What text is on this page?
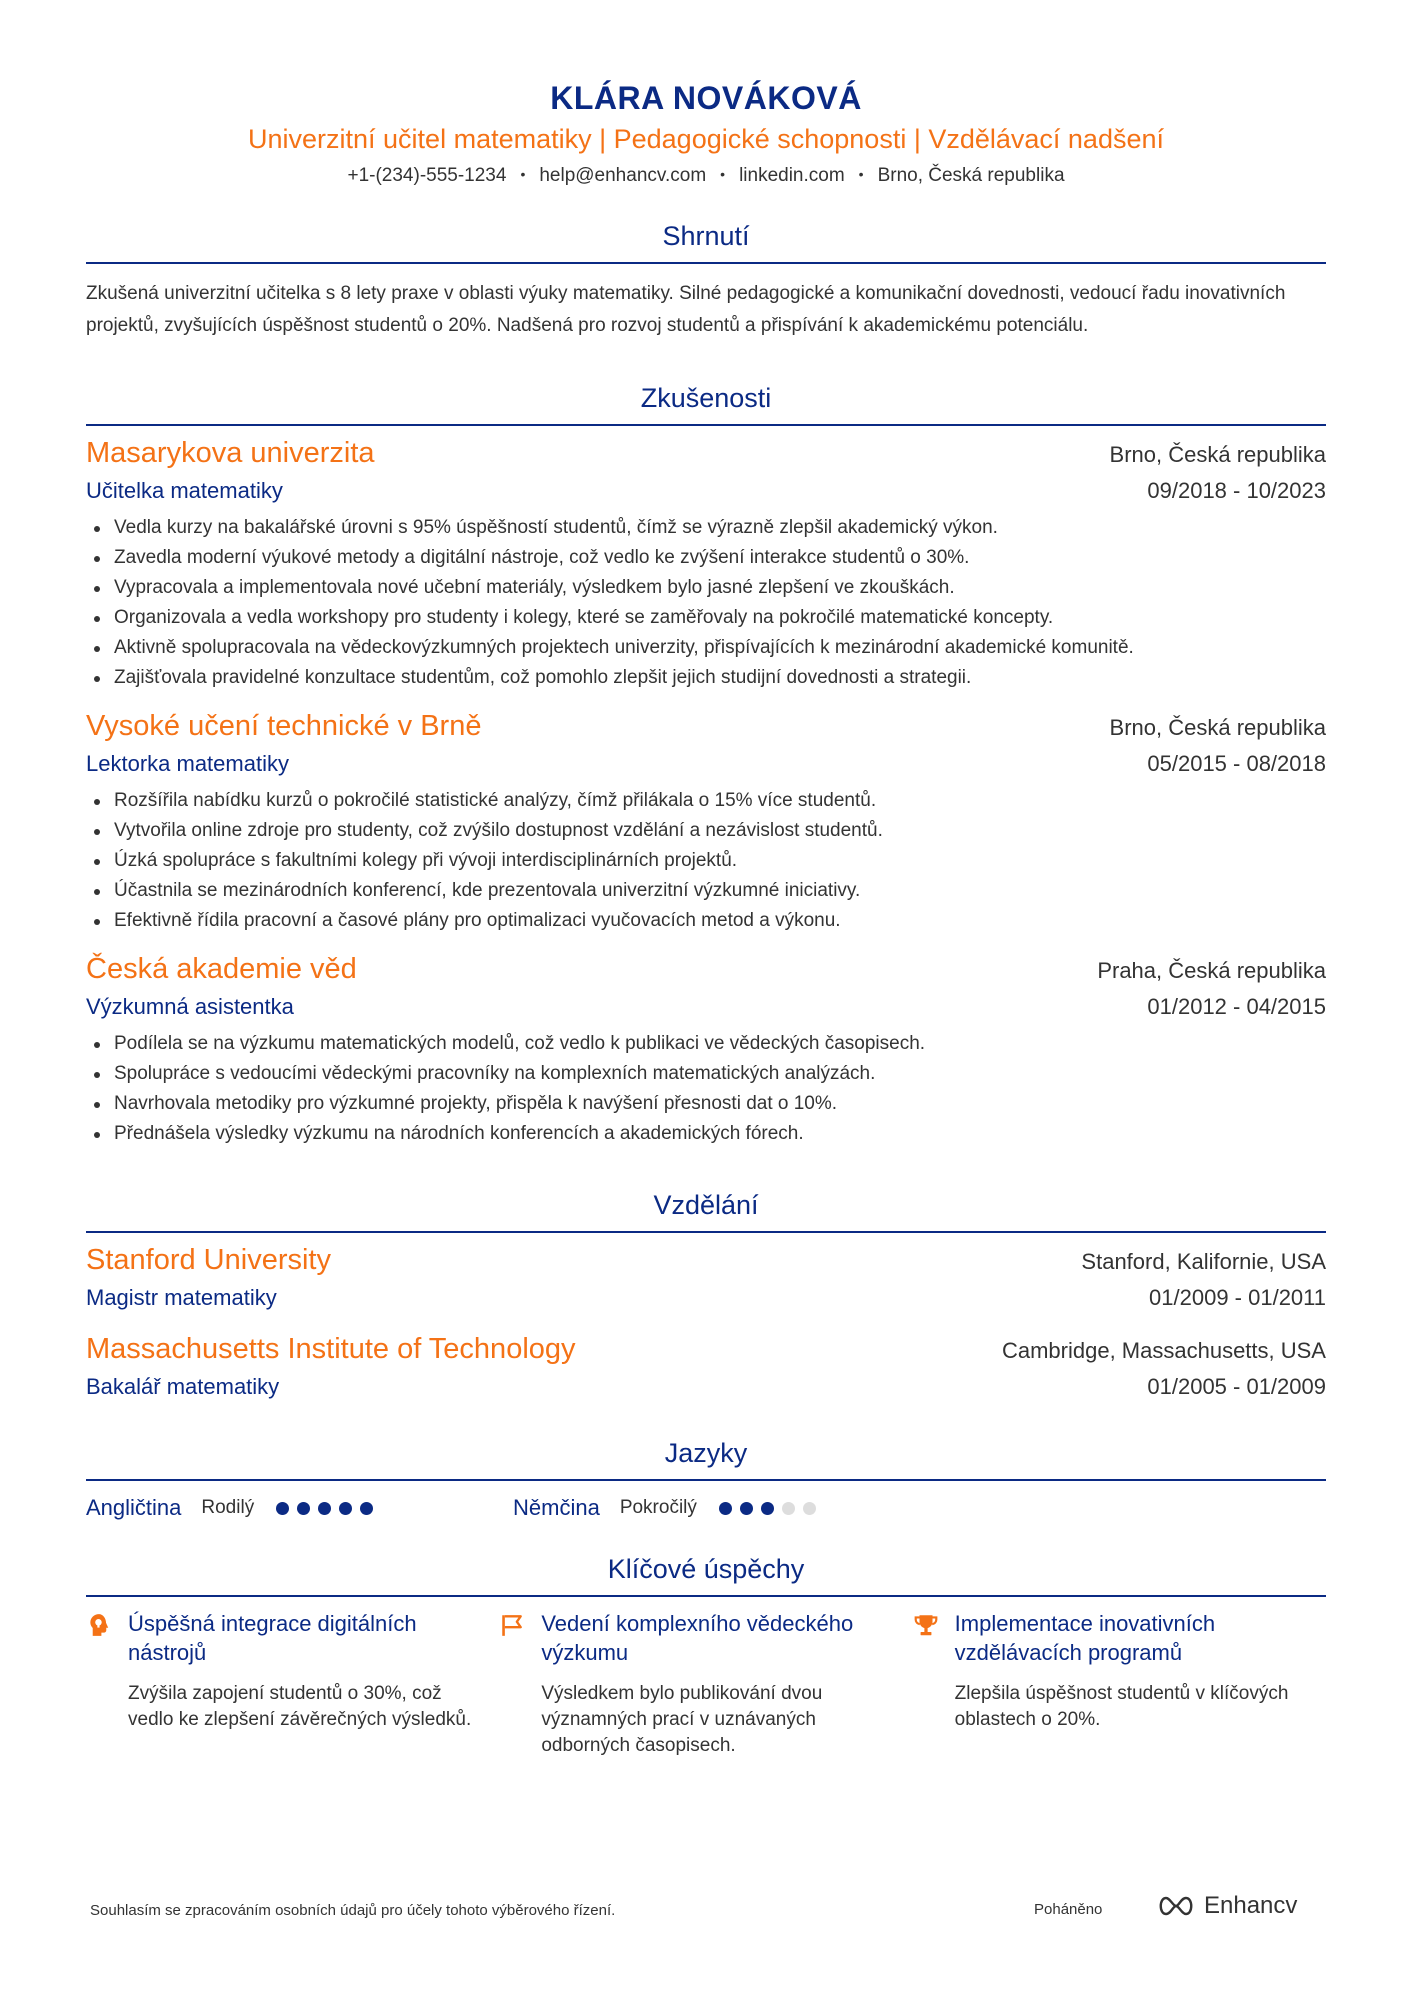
KLÁRA NOVÁKOVÁ
Univerzitní učitel matematiky | Pedagogické schopnosti | Vzdělávací nadšení
+1-(234)-555-1234 • help@enhancv.com • linkedin.com • Brno, Česká republika
Shrnutí
Zkušená univerzitní učitelka s 8 lety praxe v oblasti výuky matematiky. Silné pedagogické a komunikační dovednosti, vedoucí řadu inovativních projektů, zvyšujících úspěšnost studentů o 20%. Nadšená pro rozvoj studentů a přispívání k akademickému potenciálu.
Zkušenosti
Masarykova univerzita	Brno, Česká republika
Učitelka matematiky	09/2018 - 10/2023
Vedla kurzy na bakalářské úrovni s 95% úspěšností studentů, čímž se výrazně zlepšil akademický výkon.
Zavedla moderní výukové metody a digitální nástroje, což vedlo ke zvýšení interakce studentů o 30%.
Vypracovala a implementovala nové učební materiály, výsledkem bylo jasné zlepšení ve zkouškách.
Organizovala a vedla workshopy pro studenty i kolegy, které se zaměřovaly na pokročilé matematické koncepty.
Aktivně spolupracovala na vědeckovýzkumných projektech univerzity, přispívajících k mezinárodní akademické komunitě.
Zajišťovala pravidelné konzultace studentům, což pomohlo zlepšit jejich studijní dovednosti a strategii.
Vysoké učení technické v Brně	Brno, Česká republika
Lektorka matematiky	05/2015 - 08/2018
Rozšířila nabídku kurzů o pokročilé statistické analýzy, čímž přilákala o 15% více studentů.
Vytvořila online zdroje pro studenty, což zvýšilo dostupnost vzdělání a nezávislost studentů.
Úzká spolupráce s fakultními kolegy při vývoji interdisciplinárních projektů.
Účastnila se mezinárodních konferencí, kde prezentovala univerzitní výzkumné iniciativy.
Efektivně řídila pracovní a časové plány pro optimalizaci vyučovacích metod a výkonu.
Česká akademie věd	Praha, Česká republika
Výzkumná asistentka	01/2012 - 04/2015
Podílela se na výzkumu matematických modelů, což vedlo k publikaci ve vědeckých časopisech.
Spolupráce s vedoucími vědeckými pracovníky na komplexních matematických analýzách.
Navrhovala metodiky pro výzkumné projekty, přispěla k navýšení přesnosti dat o 10%.
Přednášela výsledky výzkumu na národních konferencích a akademických fórech.
Vzdělání
Stanford University	Stanford, Kalifornie, USA
Magistr matematiky	01/2009 - 01/2011
Massachusetts Institute of Technology	Cambridge, Massachusetts, USA
Bakalář matematiky	01/2005 - 01/2009
Jazyky
Angličtina Rodilý	Němčina Pokročilý
Klíčové úspěchy
Úspěšná integrace digitálních nástrojů
Zvýšila zapojení studentů o 30%, což vedlo ke zlepšení závěrečných výsledků.
Vedení komplexního vědeckého výzkumu
Výsledkem bylo publikování dvou významných prací v uznávaných odborných časopisech.
Implementace inovativních vzdělávacích programů
Zlepšila úspěšnost studentů v klíčových oblastech o 20%.
Souhlasím se zpracováním osobních údajů pro účely tohoto výběrového řízení.	Poháněno	Enhancv
